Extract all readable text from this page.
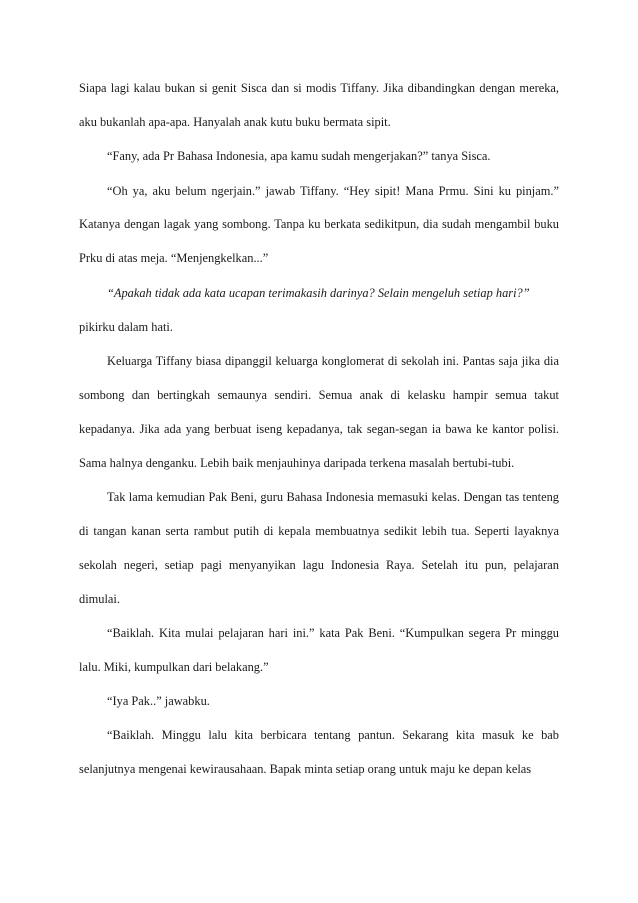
Siapa lagi kalau bukan si genit Sisca dan si modis Tiffany. Jika dibandingkan dengan mereka, aku bukanlah apa-apa. Hanyalah anak kutu buku bermata sipit.

“Fany, ada Pr Bahasa Indonesia, apa kamu sudah mengerjakan?” tanya Sisca.

“Oh ya, aku belum ngerjain.” jawab Tiffany. “Hey sipit! Mana Prmu. Sini ku pinjam.” Katanya dengan lagak yang sombong. Tanpa ku berkata sedikitpun, dia sudah mengambil buku Prku di atas meja. “Menjengkelkan...”

“Apakah tidak ada kata ucapan terimakasih darinya? Selain mengeluh setiap hari?”

pikirku dalam hati.

Keluarga Tiffany biasa dipanggil keluarga konglomerat di sekolah ini. Pantas saja jika dia sombong dan bertingkah semaunya sendiri. Semua anak di kelasku hampir semua takut kepadanya. Jika ada yang berbuat iseng kepadanya, tak segan-segan ia bawa ke kantor polisi. Sama halnya denganku. Lebih baik menjauhinya daripada terkena masalah bertubi-tubi.

Tak lama kemudian Pak Beni, guru Bahasa Indonesia memasuki kelas. Dengan tas tenteng di tangan kanan serta rambut putih di kepala membuatnya sedikit lebih tua. Seperti layaknya sekolah negeri, setiap pagi menyanyikan lagu Indonesia Raya. Setelah itu pun, pelajaran dimulai.

“Baiklah. Kita mulai pelajaran hari ini.” kata Pak Beni. “Kumpulkan segera Pr minggu lalu. Miki, kumpulkan dari belakang.”

“Iya Pak..” jawabku.

“Baiklah. Minggu lalu kita berbicara tentang pantun. Sekarang kita masuk ke bab selanjutnya mengenai kewirausahaan. Bapak minta setiap orang untuk maju ke depan kelas
